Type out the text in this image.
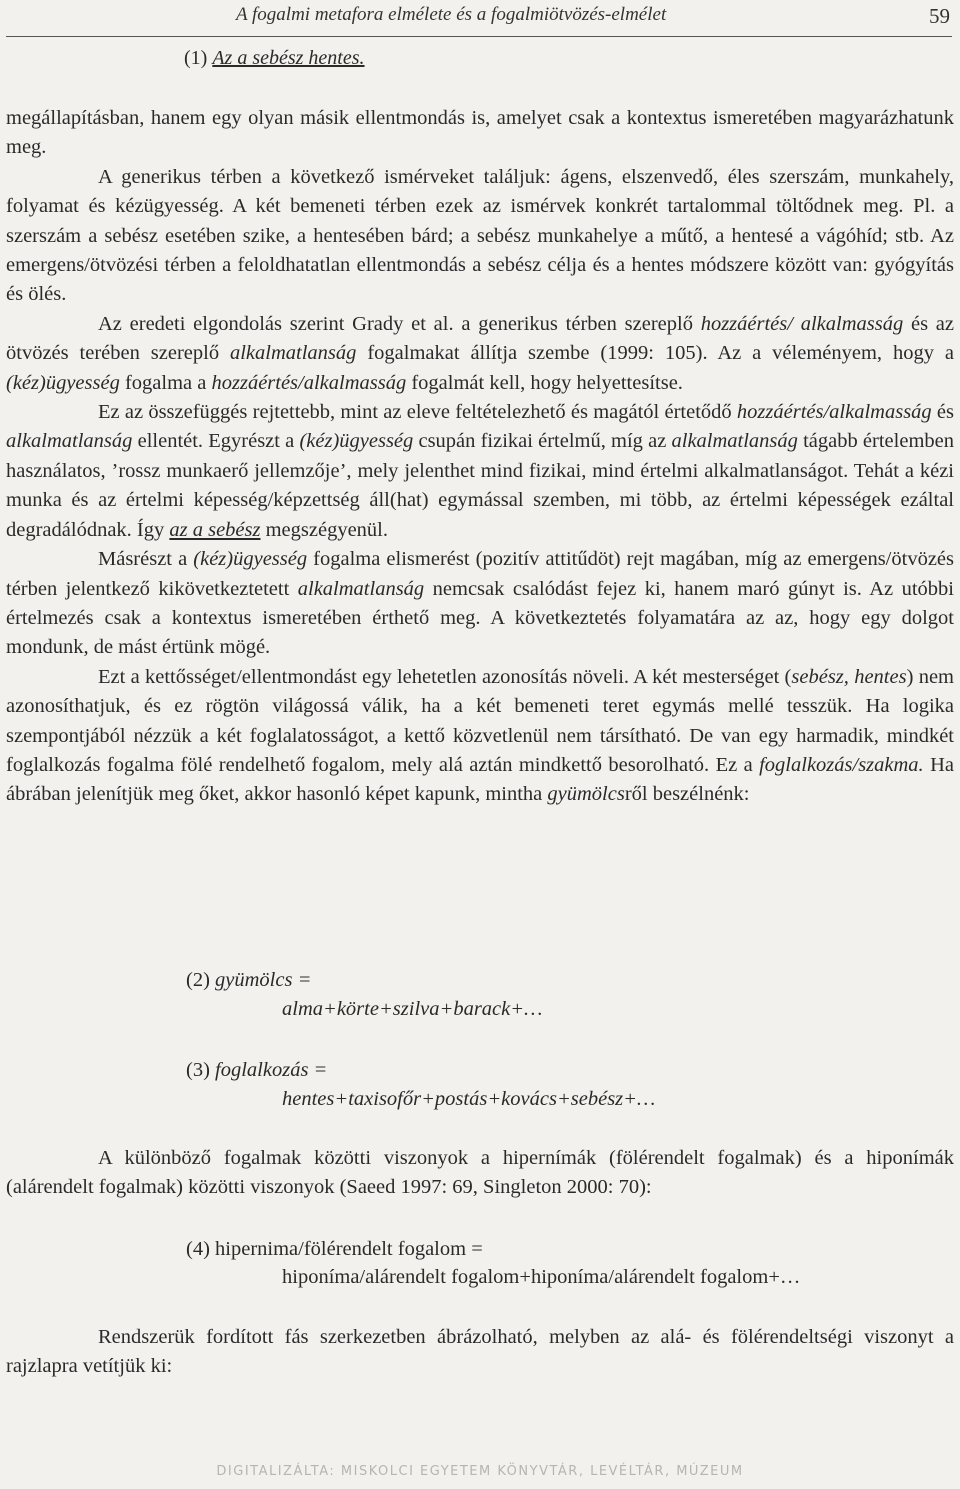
A fogalmi metafora elmélete és a fogalmiötvözés-elmélet	59
(1) Az a sebész hentes.

megállapításban, hanem egy olyan másik ellentmondás is, amelyet csak a kontextus ismeretében magyarázhatunk meg.

A generikus térben a következő ismérveket találjuk: ágens, elszenvedő, éles szerszám, munkahely, folyamat és kézügyesség. A két bemeneti térben ezek az ismérvek konkrét tartalommal töltődnek meg. Pl. a szerszám a sebész esetében szike, a hentesében bárd; a sebész munkahelye a műtő, a hentesé a vágóhíd; stb. Az emergens/ötvözési térben a feloldhatatlan ellentmondás a sebész célja és a hentes módszere között van: gyógyítás és ölés.

Az eredeti elgondolás szerint Grady et al. a generikus térben szereplő hozzáértés/ alkalmasság és az ötvözés terében szereplő alkalmatlanság fogalmakat állítja szembe (1999: 105). Az a véleményem, hogy a (kéz)ügyesség fogalma a hozzáértés/alkalmasság fogalmát kell, hogy helyettesítse.

Ez az összefüggés rejtettebb, mint az eleve feltételezhető és magától értetődő hozzáértés/alkalmasság és alkalmatlanság ellentét. Egyrészt a (kéz)ügyesség csupán fizikai értelmű, míg az alkalmatlanság tágabb értelemben használatos, ’rossz munkaerő jellemzője’, mely jelenthet mind fizikai, mind értelmi alkalmatlanságot. Tehát a kézi munka és az értelmi képesség/képzettség áll(hat) egymással szemben, mi több, az értelmi képességek ezáltal degradálódnak. Így az a sebész megszégyenül.

Másrészt a (kéz)ügyesség fogalma elismerést (pozitív attitűdöt) rejt magában, míg az emergens/ötvözés térben jelentkező kikövetkeztetett alkalmatlanság nemcsak csalódást fejez ki, hanem maró gúnyt is. Az utóbbi értelmezés csak a kontextus ismeretében érthető meg. A következtetés folyamatára az az, hogy egy dolgot mondunk, de mást értünk mögé.

Ezt a kettősséget/ellentmondást egy lehetetlen azonosítás növeli. A két mesterséget (sebész, hentes) nem azonosíthatjuk, és ez rögtön világossá válik, ha a két bemeneti teret egymás mellé tesszük. Ha logika szempontjából nézzük a két foglalatosságot, a kettő közvetlenül nem társítható. De van egy harmadik, mindkét foglalkozás fogalma fölé rendelhető fogalom, mely alá aztán mindkettő besorolható. Ez a foglalkozás/szakma. Ha ábrában jelenítjük meg őket, akkor hasonló képet kapunk, mintha gyümölcsről beszélnénk:

(2) gyümölcs =
alma+körte+szilva+barack+…
(3) foglalkozás =
hentes+taxisofőr+postás+kovács+sebész+…

A különböző fogalmak közötti viszonyok a hipernímák (fölérendelt fogalmak) és a hiponímák (alárendelt fogalmak) közötti viszonyok (Saeed 1997: 69, Singleton 2000: 70):

(4) hipernima/fölérendelt fogalom =
hiponíma/alárendelt fogalom+hiponíma/alárendelt fogalom+…

Rendszerük fordított fás szerkezetben ábrázolható, melyben az alá- és fölérendeltségi viszonyt a rajzlapra vetítjük ki:

DIGITALIZÁLTA: MISKOLCI EGYETEM KÖNYVTÁR, LEVÉLTÁR, MÚZEUM
